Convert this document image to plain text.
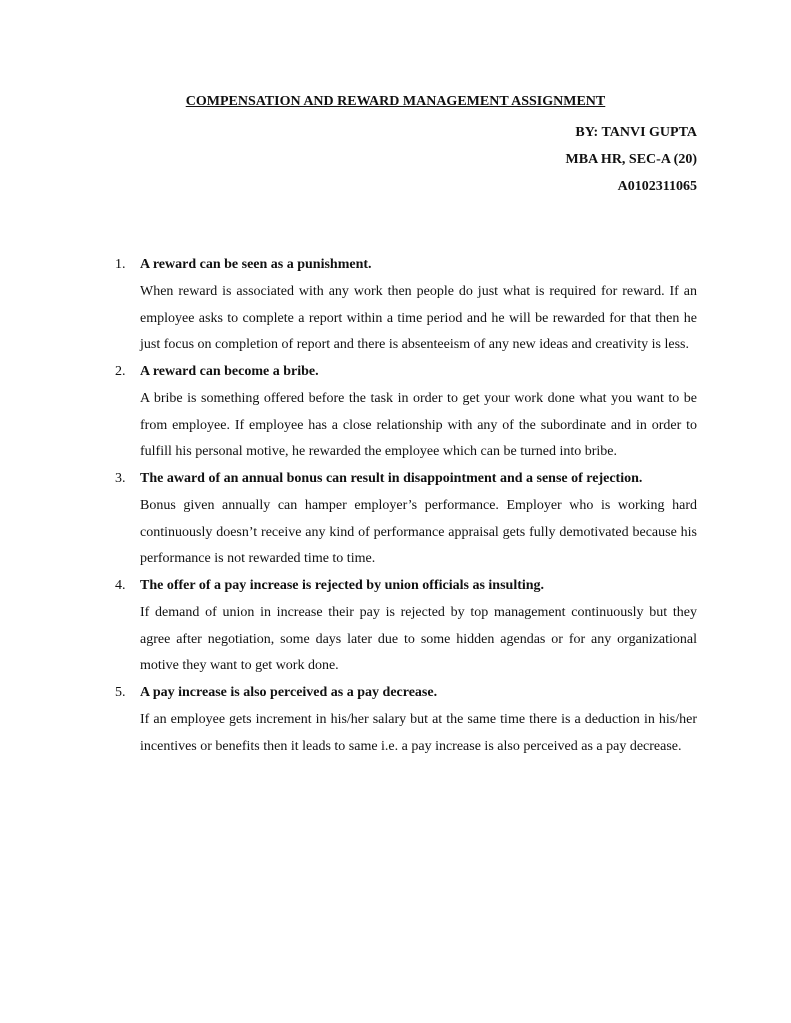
COMPENSATION AND REWARD MANAGEMENT ASSIGNMENT
BY: TANVI GUPTA
MBA HR, SEC-A (20)
A0102311065
1. A reward can be seen as a punishment.
When reward is associated with any work then people do just what is required for reward. If an employee asks to complete a report within a time period and he will be rewarded for that then he just focus on completion of report and there is absenteeism of any new ideas and creativity is less.
2. A reward can become a bribe.
A bribe is something offered before the task in order to get your work done what you want to be from employee. If employee has a close relationship with any of the subordinate and in order to fulfill his personal motive, he rewarded the employee which can be turned into bribe.
3. The award of an annual bonus can result in disappointment and a sense of rejection.
Bonus given annually can hamper employer’s performance. Employer who is working hard continuously doesn’t receive any kind of performance appraisal gets fully demotivated because his performance is not rewarded time to time.
4. The offer of a pay increase is rejected by union officials as insulting.
If demand of union in increase their pay is rejected by top management continuously but they agree after negotiation, some days later due to some hidden agendas or for any organizational motive they want to get work done.
5. A pay increase is also perceived as a pay decrease.
If an employee gets increment in his/her salary but at the same time there is a deduction in his/her incentives or benefits then it leads to same i.e. a pay increase is also perceived as a pay decrease.
